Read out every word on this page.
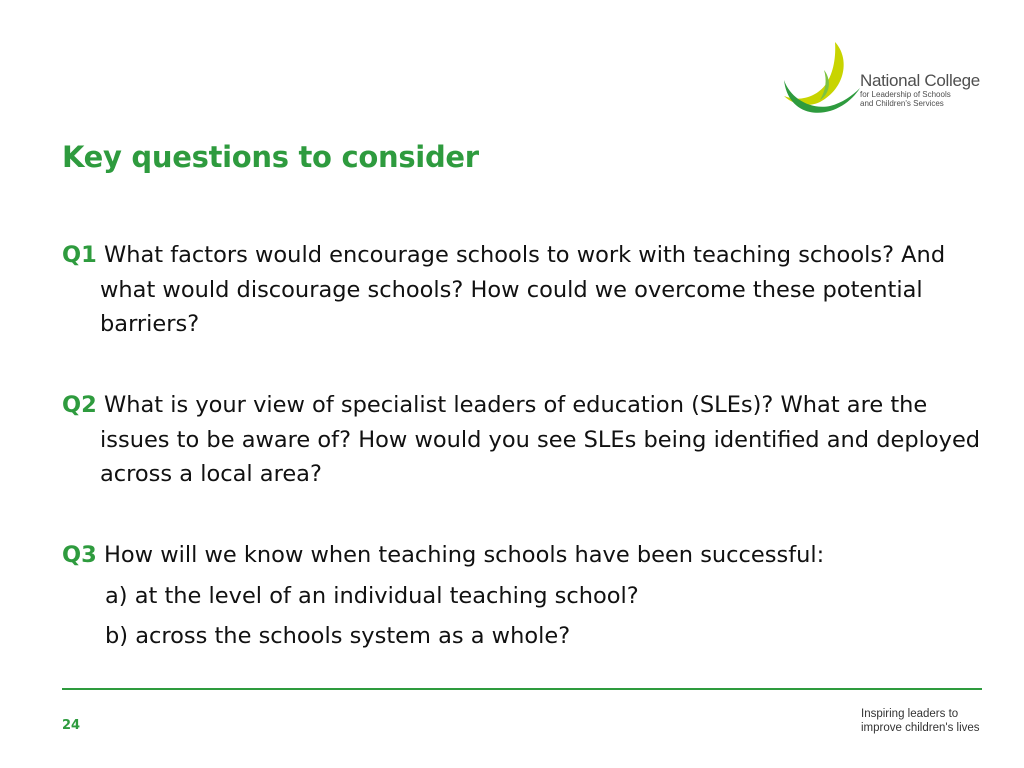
National College
for Leadership of Schools
and Children's Services
Key questions to consider
Q1 What factors would encourage schools to work with teaching schools? And what would discourage schools? How could we overcome these potential barriers?
Q2 What is your view of specialist leaders of education (SLEs)? What are the issues to be aware of? How would you see SLEs being identified and deployed across a local area?
Q3 How will we know when teaching schools have been successful:
a) at the level of an individual teaching school?
b) across the schools system as a whole?
24
Inspiring leaders to
improve children's lives
